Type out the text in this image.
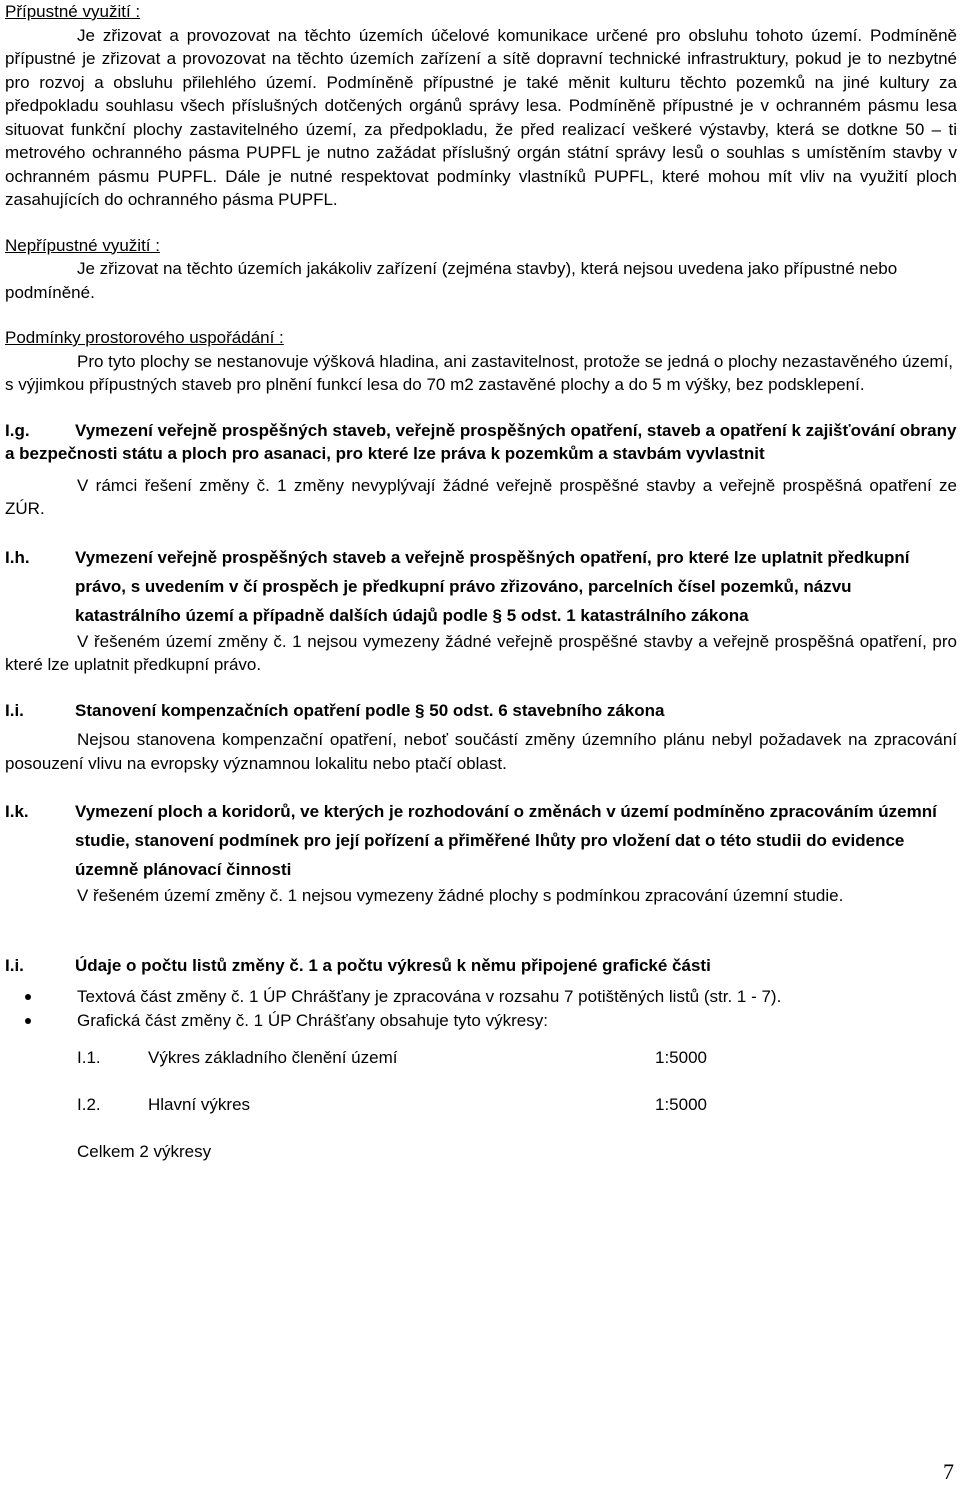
Přípustné využití :

Je zřizovat a provozovat na těchto územích účelové komunikace určené pro obsluhu tohoto území. Podmíněně přípustné je zřizovat a provozovat na těchto územích zařízení a sítě dopravní technické infrastruktury, pokud je to nezbytné pro rozvoj a obsluhu přilehlého území. Podmíněně přípustné je také měnit kulturu těchto pozemků na jiné kultury za předpokladu souhlasu všech příslušných dotčených orgánů správy lesa. Podmíněně přípustné je v ochranném pásmu lesa situovat funkční plochy zastavitelného území, za předpokladu, že před realizací veškeré výstavby, která se dotkne 50 – ti metrového ochranného pásma PUPFL je nutno zažádat příslušný orgán státní správy lesů o souhlas s umístěním stavby v ochranném pásmu PUPFL. Dále je nutné respektovat podmínky vlastníků PUPFL, které mohou mít vliv na využití ploch zasahujících do ochranného pásma PUPFL.

Nepřípustné využití :

Je zřizovat na těchto územích jakákoliv zařízení (zejména stavby), která nejsou uvedena jako přípustné nebo podmíněné.

Podmínky prostorového uspořádání :

Pro tyto plochy se nestanovuje výšková hladina, ani zastavitelnost, protože se jedná o plochy nezastavěného území, s výjimkou přípustných staveb pro plnění funkcí lesa do 70 m2 zastavěné plochy a do 5 m výšky, bez podsklepení.

I.g.	Vymezení veřejně prospěšných staveb, veřejně prospěšných opatření, staveb a opatření k zajišťování obrany a bezpečnosti státu a ploch pro asanaci, pro které lze práva k pozemkům a stavbám vyvlastnit

V rámci řešení změny č. 1 změny nevyplývají žádné veřejně prospěšné stavby a veřejně prospěšná opatření ze ZÚR.

I.h.	Vymezení veřejně prospěšných staveb a veřejně prospěšných opatření, pro které lze uplatnit předkupní právo, s uvedením v čí prospěch je předkupní právo zřizováno, parcelních čísel pozemků, názvu katastrálního území a případně dalších údajů podle § 5 odst. 1 katastrálního zákona

V řešeném území změny č. 1 nejsou vymezeny žádné veřejně prospěšné stavby a veřejně prospěšná opatření, pro které lze uplatnit předkupní právo.

I.i.	Stanovení kompenzačních opatření podle § 50 odst. 6 stavebního zákona

Nejsou stanovena kompenzační opatření, neboť součástí změny územního plánu nebyl požadavek na zpracování posouzení vlivu na evropsky významnou lokalitu nebo ptačí oblast.

I.k.	Vymezení ploch a koridorů, ve kterých je rozhodování o změnách v území podmíněno zpracováním územní studie, stanovení podmínek pro její pořízení a přiměřené lhůty pro vložení dat o této studii do evidence územně plánovací činnosti

V řešeném území změny č. 1 nejsou vymezeny žádné plochy s podmínkou zpracování územní studie.

I.i.	Údaje o počtu listů změny č. 1 a počtu výkresů k němu připojené grafické části
Textová část změny č. 1 ÚP Chrášťany je zpracována v rozsahu 7 potištěných listů (str. 1 - 7).
Grafická část změny č. 1 ÚP Chrášťany obsahuje tyto výkresy:
I.1.	Výkres základního členění území	1:5000
I.2.	Hlavní výkres	1:5000
Celkem 2 výkresy
7
